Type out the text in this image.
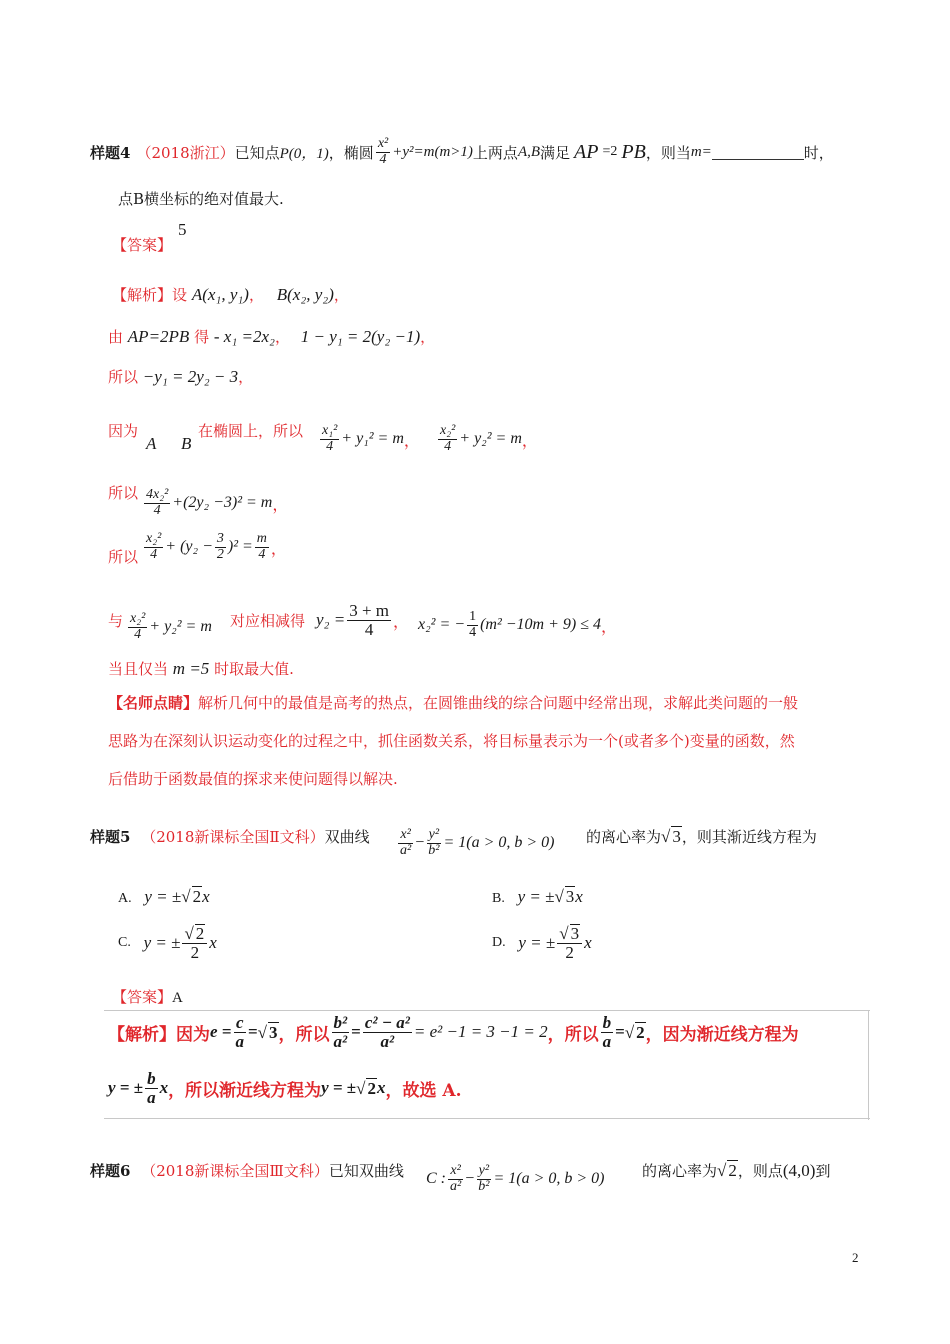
样题4 （2018浙江） 已知点 P(0，1) ，椭圆 $\frac{\text{x²}}{4} +y^2=m(m>1)$ 上两点 A,B 满足 AP =2 PB ，则当 m=	时，
点B横坐标的绝对值最大.
【答案】
5
【解析】设 A(x₁, y₁)， B(x₂, y₂)，
由 AP=2PB 得 - x₁ =2x₂， 1 − y₁ = 2(y₂ −1)，
所以 −y₁ = 2y₂ − 3，
因为
A B
在椭圆上，所以 $\frac{\text{x₁²}}{4} + y_1^2 = m$ ， $\frac{\text{x₂²}}{4} + y_2^2 = m$ ，
所以 $\frac{\text{4x₂²}}{4} +(2y_2 -3)^2 = m$ ，
所以 $\frac{\text{x₂²}}{4} + (y_2 - \frac{3}{2} )^2 = \frac{m}{4}$ ，
与 $\frac{\text{x₂²}}{4} + y_2^2 = m$ 对应相减得 $y_2 = \frac{3 + m}{4}$ ， x₂² = − $\frac{1}{4} (m^2 -10m + 9) \le 4$ ，
当且仅当 m =5 时取最大值.
【名师点睛】解析几何中的最值是高考的热点，在圆锥曲线的综合问题中经常出现，求解此类问题的一般
思路为在深刻认识运动变化的过程之中，抓住函数关系，将目标量表示为一个(或者多个)变量的函数，然
后借助于函数最值的探求来使问题得以解决.
样题5 （2018新课标全国Ⅱ文科）双曲线 $\frac{\text{x²}}{\text{a²}} - \frac{\text{y²}}{\text{b²}} = 1(a > 0$, b > 0) 的离心率为 √ 3 ，则其渐近线方程为
A. y = ±√ 2x	B. y = ±√ 3x
C.
y = ± $\frac{√ 2}{2}$ x	D.
y = ± $\frac{√ 3}{2}$ x
【答案】A
【解析】 因为 $e = \frac{c}{a}$ = √ 3 ，所以 $\frac{\text{b²}}{\text{a²}} = \frac{\text{c² − a²}}{\text{a²}} = e^2 -1 = 3 -1 = 2$ ，所以 $\frac{b}{a}$ = √ 2 ，因为渐近线方程为
y = ± $\frac{b}{a}$ x ，所以渐近线方程为 y = ± √ 2 x ，故选 A.
样题6 （2018新课标全国Ⅲ文科）已知双曲线 C : $\frac{\text{x²}}{\text{a²}} - \frac{\text{y²}}{\text{b²}} = 1(a > 0$, b > 0)	的离心率为 √ 2 ，则点 (4,0) 到
2
